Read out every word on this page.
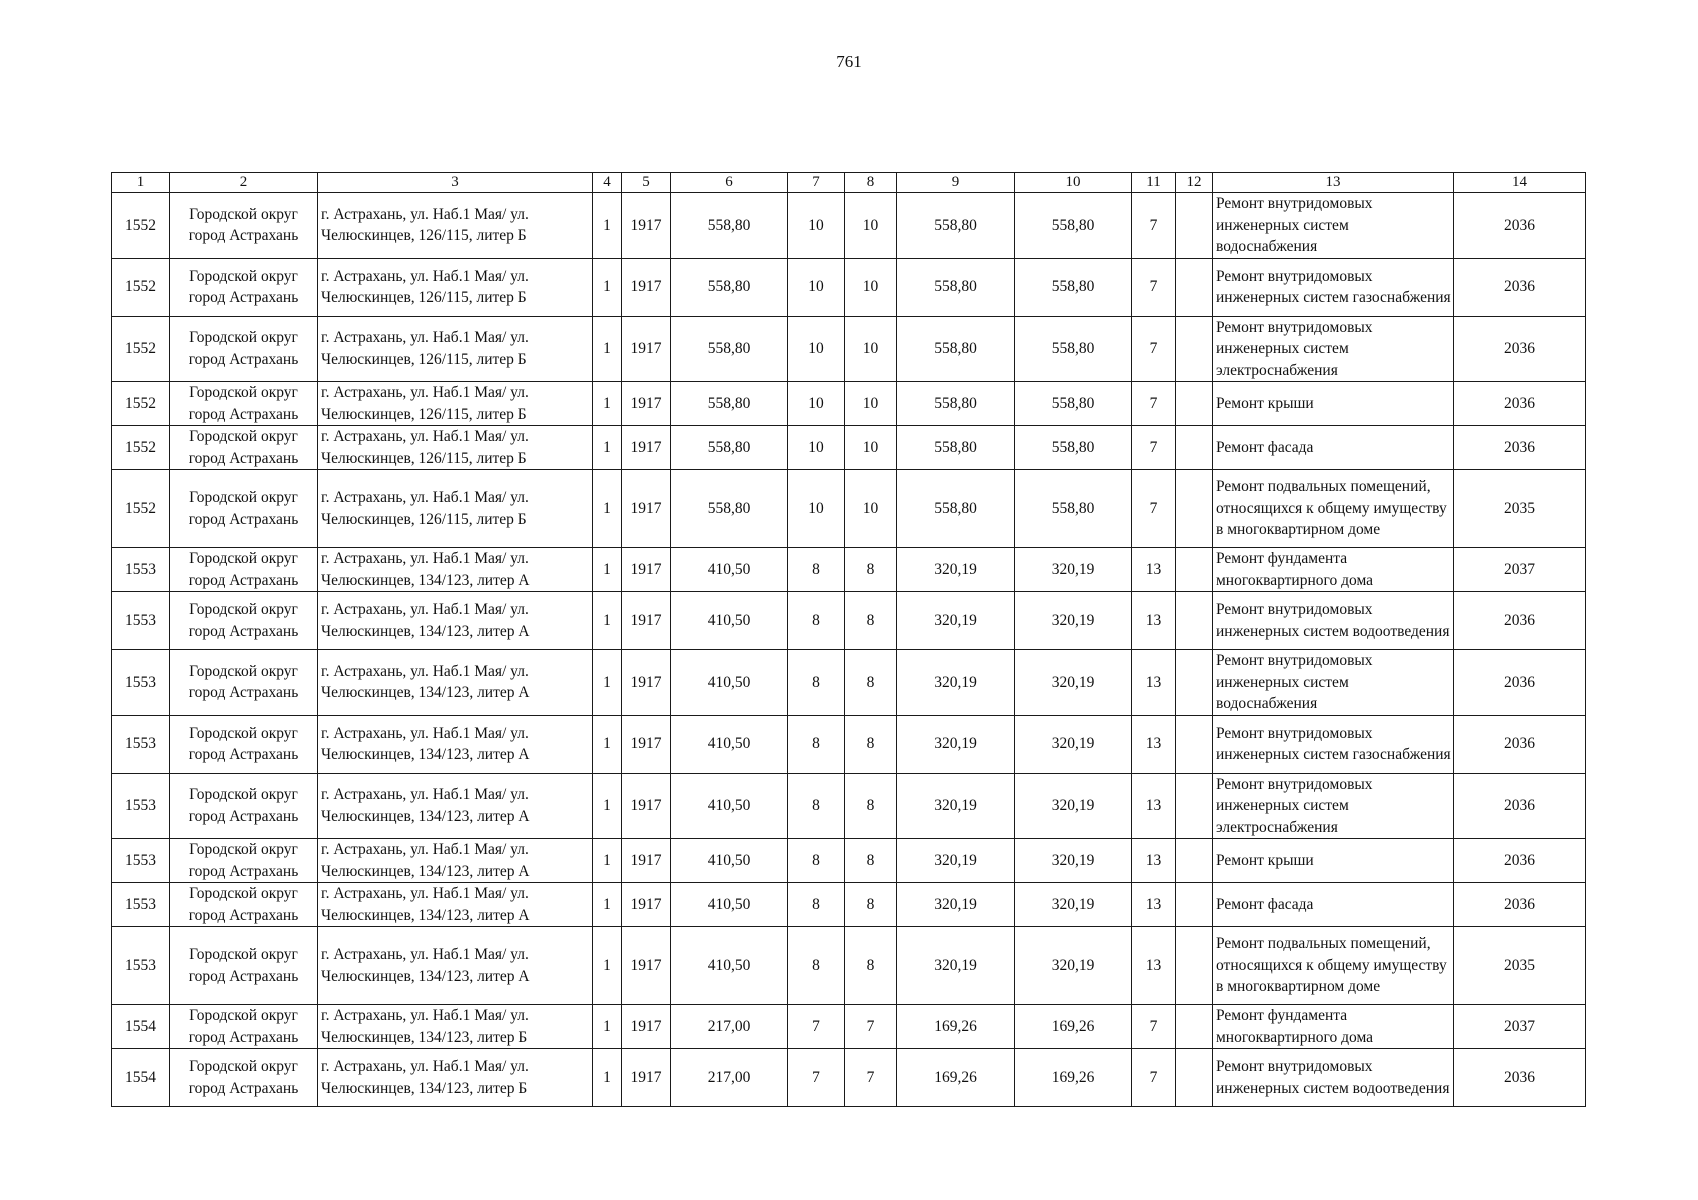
761
1	2	3	4	5	6	7	8	9	10	11	12	13	14
1552	Городской округ город Астрахань	г. Астрахань, ул. Наб.1 Мая/ ул. Челюскинцев, 126/115, литер Б	1	1917	558,80	10	10	558,80	558,80	7		Ремонт внутридомовых инженерных систем водоснабжения	2036
1552	Городской округ город Астрахань	г. Астрахань, ул. Наб.1 Мая/ ул. Челюскинцев, 126/115, литер Б	1	1917	558,80	10	10	558,80	558,80	7		Ремонт внутридомовых инженерных систем газоснабжения	2036
1552	Городской округ город Астрахань	г. Астрахань, ул. Наб.1 Мая/ ул. Челюскинцев, 126/115, литер Б	1	1917	558,80	10	10	558,80	558,80	7		Ремонт внутридомовых инженерных систем электроснабжения	2036
1552	Городской округ город Астрахань	г. Астрахань, ул. Наб.1 Мая/ ул. Челюскинцев, 126/115, литер Б	1	1917	558,80	10	10	558,80	558,80	7		Ремонт крыши	2036
1552	Городской округ город Астрахань	г. Астрахань, ул. Наб.1 Мая/ ул. Челюскинцев, 126/115, литер Б	1	1917	558,80	10	10	558,80	558,80	7		Ремонт фасада	2036
1552	Городской округ город Астрахань	г. Астрахань, ул. Наб.1 Мая/ ул. Челюскинцев, 126/115, литер Б	1	1917	558,80	10	10	558,80	558,80	7		Ремонт подвальных помещений, относящихся к общему имуществу в многоквартирном доме	2035
1553	Городской округ город Астрахань	г. Астрахань, ул. Наб.1 Мая/ ул. Челюскинцев, 134/123, литер А	1	1917	410,50	8	8	320,19	320,19	13		Ремонт фундамента многоквартирного дома	2037
1553	Городской округ город Астрахань	г. Астрахань, ул. Наб.1 Мая/ ул. Челюскинцев, 134/123, литер А	1	1917	410,50	8	8	320,19	320,19	13		Ремонт внутридомовых инженерных систем водоотведения	2036
1553	Городской округ город Астрахань	г. Астрахань, ул. Наб.1 Мая/ ул. Челюскинцев, 134/123, литер А	1	1917	410,50	8	8	320,19	320,19	13		Ремонт внутридомовых инженерных систем водоснабжения	2036
1553	Городской округ город Астрахань	г. Астрахань, ул. Наб.1 Мая/ ул. Челюскинцев, 134/123, литер А	1	1917	410,50	8	8	320,19	320,19	13		Ремонт внутридомовых инженерных систем газоснабжения	2036
1553	Городской округ город Астрахань	г. Астрахань, ул. Наб.1 Мая/ ул. Челюскинцев, 134/123, литер А	1	1917	410,50	8	8	320,19	320,19	13		Ремонт внутридомовых инженерных систем электроснабжения	2036
1553	Городской округ город Астрахань	г. Астрахань, ул. Наб.1 Мая/ ул. Челюскинцев, 134/123, литер А	1	1917	410,50	8	8	320,19	320,19	13		Ремонт крыши	2036
1553	Городской округ город Астрахань	г. Астрахань, ул. Наб.1 Мая/ ул. Челюскинцев, 134/123, литер А	1	1917	410,50	8	8	320,19	320,19	13		Ремонт фасада	2036
1553	Городской округ город Астрахань	г. Астрахань, ул. Наб.1 Мая/ ул. Челюскинцев, 134/123, литер А	1	1917	410,50	8	8	320,19	320,19	13		Ремонт подвальных помещений, относящихся к общему имуществу в многоквартирном доме	2035
1554	Городской округ город Астрахань	г. Астрахань, ул. Наб.1 Мая/ ул. Челюскинцев, 134/123, литер Б	1	1917	217,00	7	7	169,26	169,26	7		Ремонт фундамента многоквартирного дома	2037
1554	Городской округ город Астрахань	г. Астрахань, ул. Наб.1 Мая/ ул. Челюскинцев, 134/123, литер Б	1	1917	217,00	7	7	169,26	169,26	7		Ремонт внутридомовых инженерных систем водоотведения	2036
